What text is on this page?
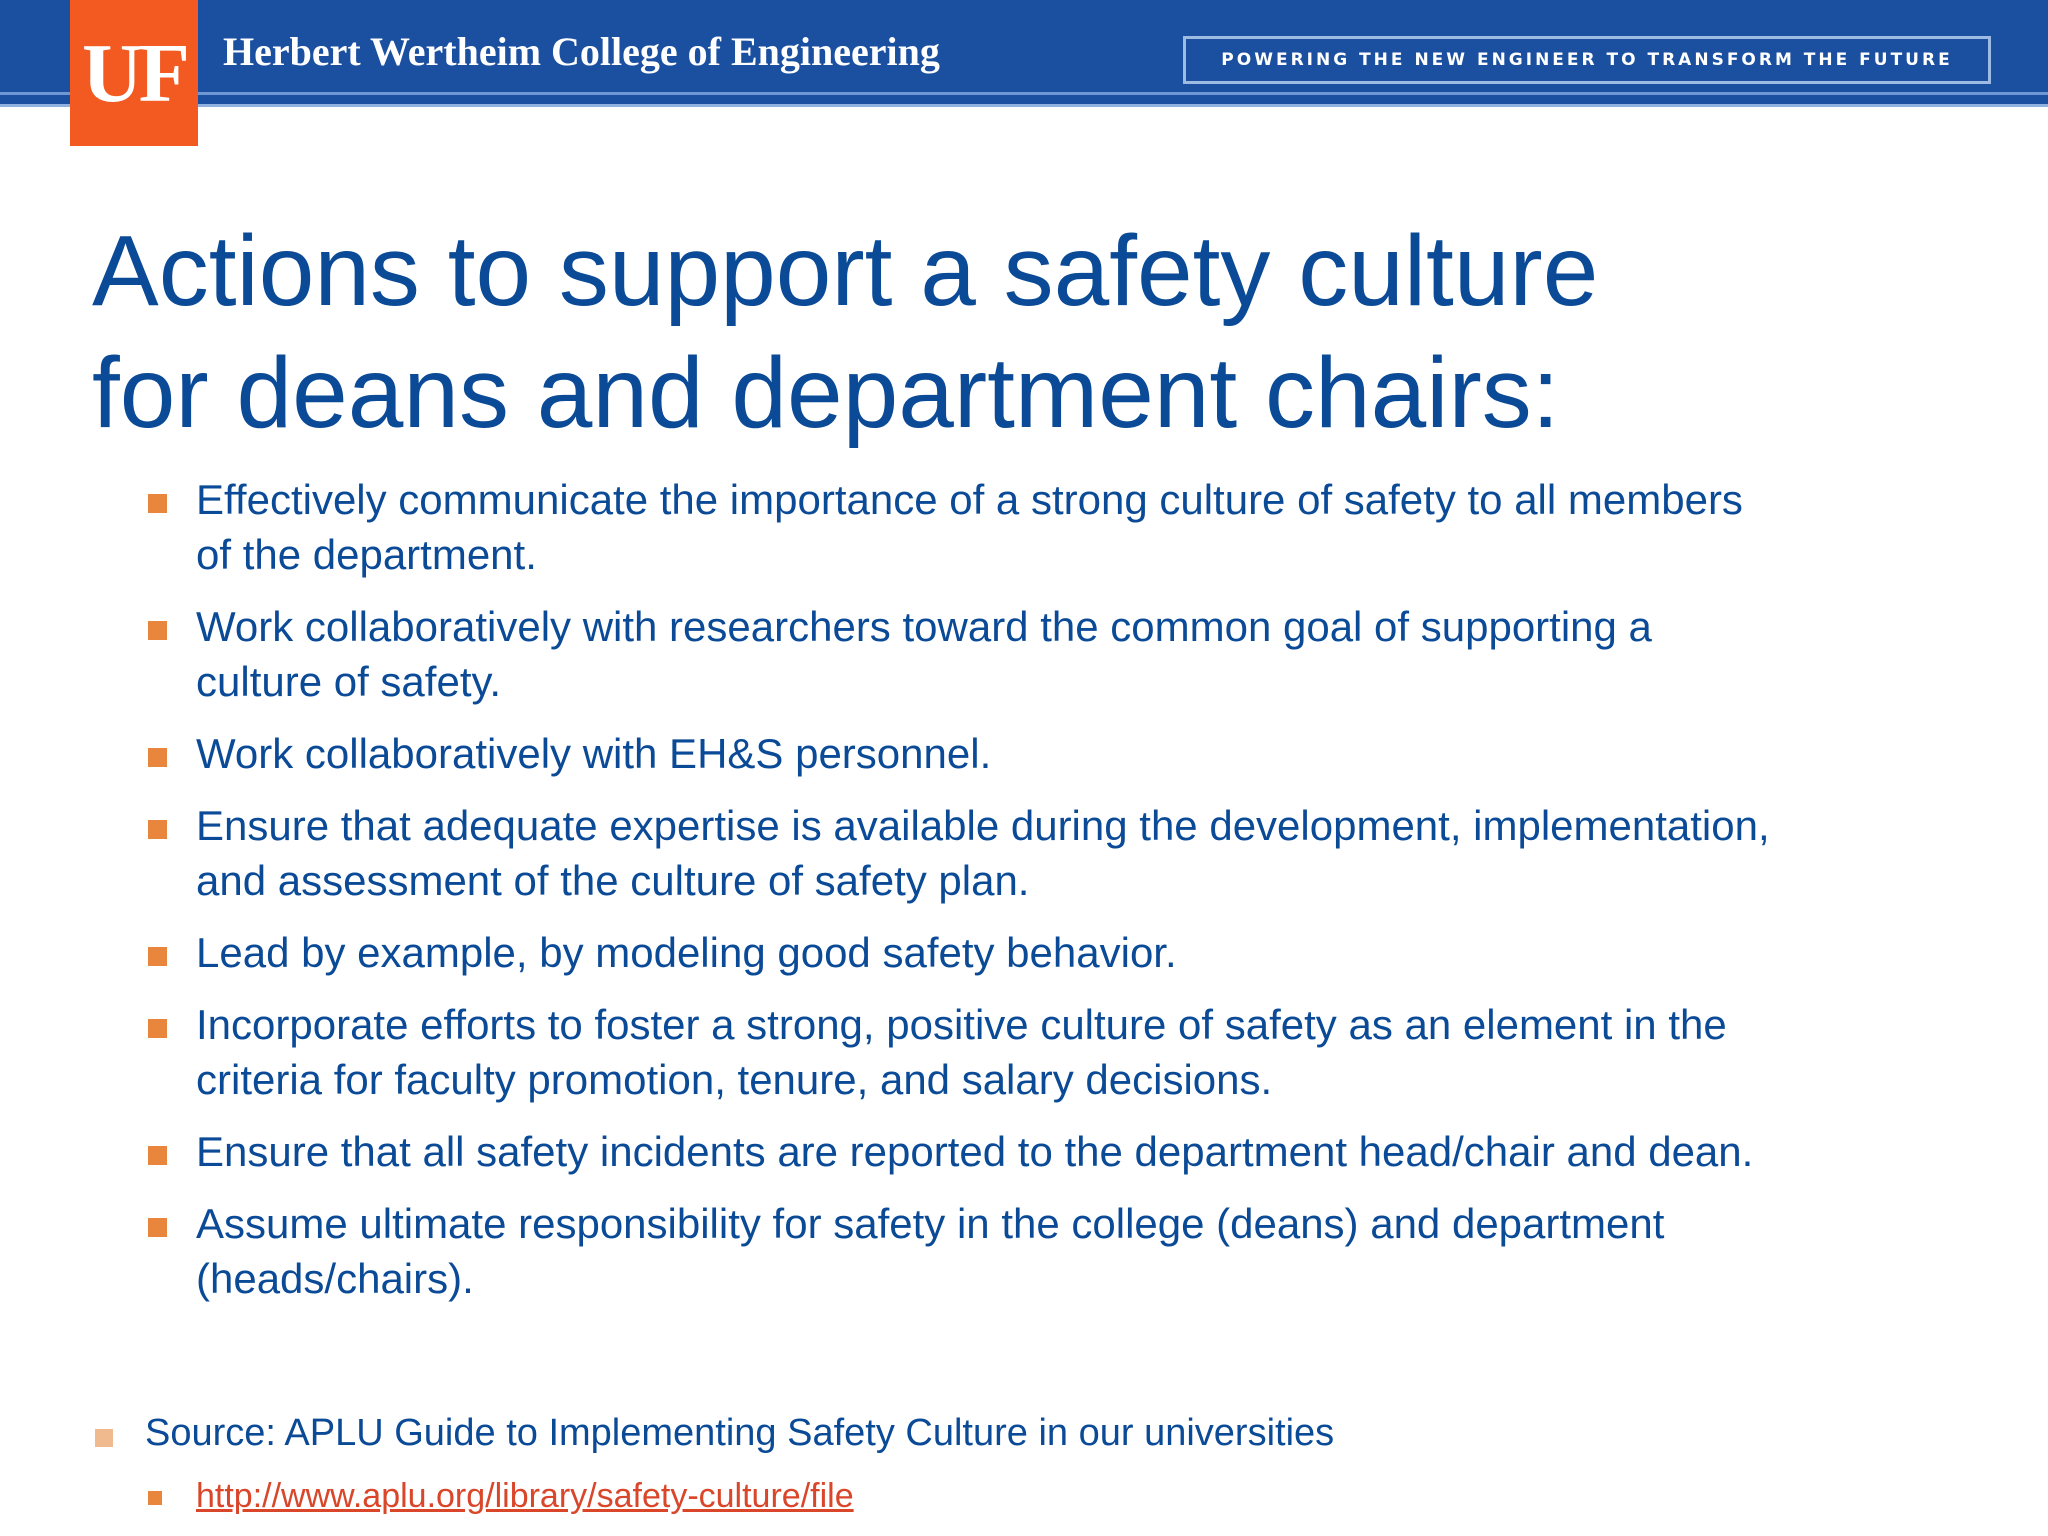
Herbert Wertheim College of Engineering	POWERING THE NEW ENGINEER TO TRANSFORM THE FUTURE
UF
Actions to support a safety culture
for deans and department chairs:
Effectively communicate the importance of a strong culture of safety to all members of the department.
Work collaboratively with researchers toward the common goal of supporting a culture of safety.
Work collaboratively with EH&S personnel.
Ensure that adequate expertise is available during the development, implementation, and assessment of the culture of safety plan.
Lead by example, by modeling good safety behavior.
Incorporate efforts to foster a strong, positive culture of safety as an element in the criteria for faculty promotion, tenure, and salary decisions.
Ensure that all safety incidents are reported to the department head/chair and dean.
Assume ultimate responsibility for safety in the college (deans) and department (heads/chairs).
Source: APLU Guide to Implementing Safety Culture in our universities
http://www.aplu.org/library/safety-culture/file
